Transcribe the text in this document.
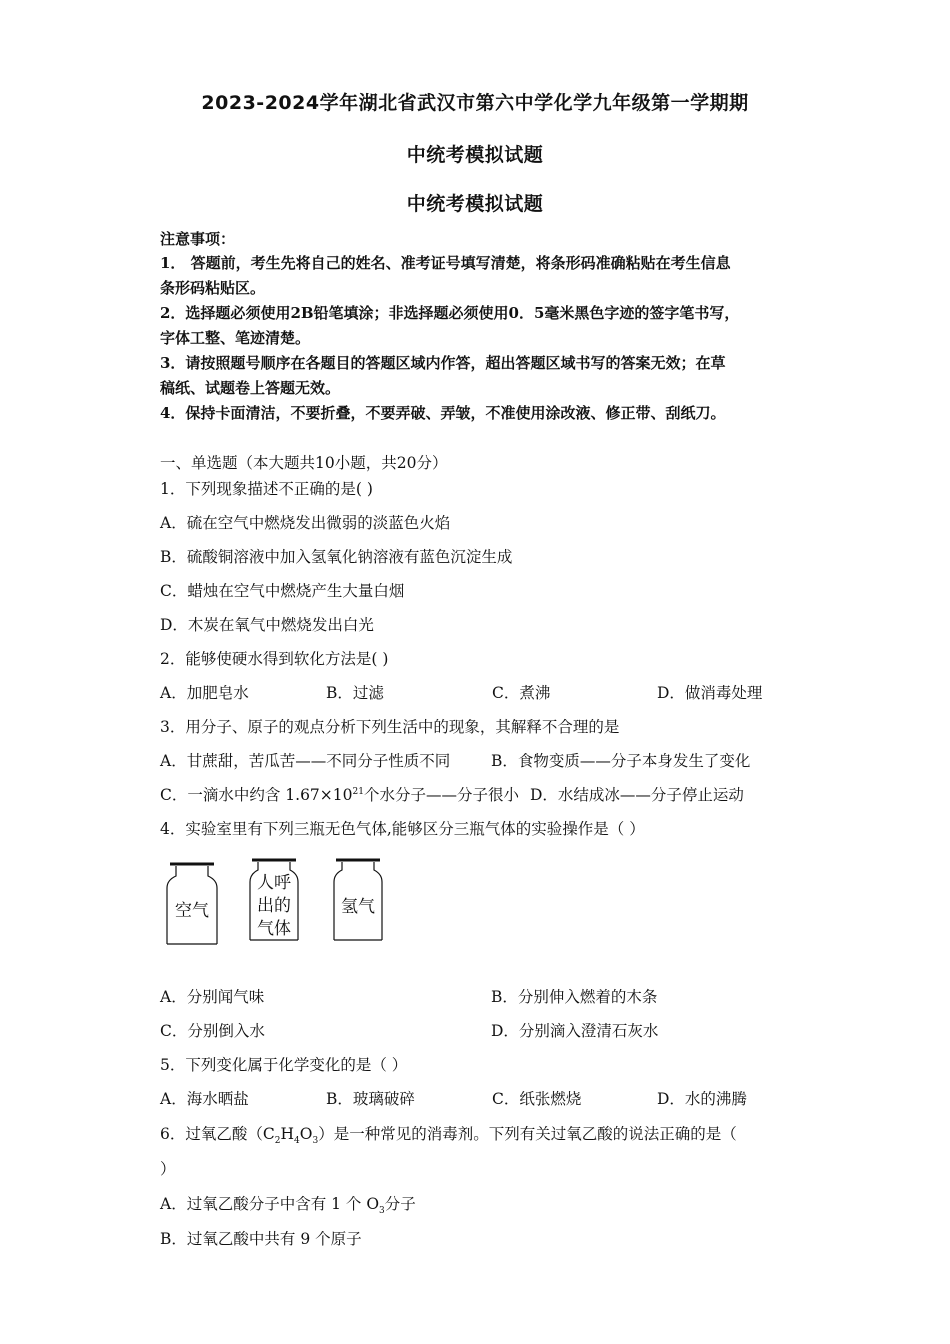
2023-2024学年湖北省武汉市第六中学化学九年级第一学期期
中统考模拟试题
中统考模拟试题
注意事项：
1． 答题前，考生先将自己的姓名、准考证号填写清楚，将条形码准确粘贴在考生信息
条形码粘贴区。
2．选择题必须使用2B铅笔填涂；非选择题必须使用0．5毫米黑色字迹的签字笔书写，
字体工整、笔迹清楚。
3．请按照题号顺序在各题目的答题区域内作答，超出答题区域书写的答案无效；在草
稿纸、试题卷上答题无效。
4．保持卡面清洁，不要折叠，不要弄破、弄皱，不准使用涂改液、修正带、刮纸刀。
一、单选题（本大题共10小题，共20分）
1．下列现象描述不正确的是( )
A．硫在空气中燃烧发出微弱的淡蓝色火焰
B．硫酸铜溶液中加入氢氧化钠溶液有蓝色沉淀生成
C．蜡烛在空气中燃烧产生大量白烟
D．木炭在氧气中燃烧发出白光
2．能够使硬水得到软化方法是( )
A．加肥皂水	B．过滤	C．煮沸	D．做消毒处理
3．用分子、原子的观点分析下列生活中的现象，其解释不合理的是
A．甘蔗甜，苦瓜苦——不同分子性质不同	B．食物变质——分子本身发生了变化
C．一滴水中约含 $1.67\times 10^{21}$个水分子——分子很小 D．水结成冰——分子停止运动
4．实验室里有下列三瓶无色气体,能够区分三瓶气体的实验操作是（ ）
空气
人呼
出的
气体
氢气
A．分别闻气味	B．分别伸入燃着的木条
C．分别倒入水	D．分别滴入澄清石灰水
5．下列变化属于化学变化的是（ ）
A．海水晒盐	B．玻璃破碎	C．纸张燃烧	D．水的沸腾
6．过氧乙酸$(C_2H_4O_3)$是一种常见的消毒剂。下列有关过氧乙酸的说法正确的是（
）
A．过氧乙酸分子中含有 1 个 $O_3$分子
B．过氧乙酸中共有 9 个原子
